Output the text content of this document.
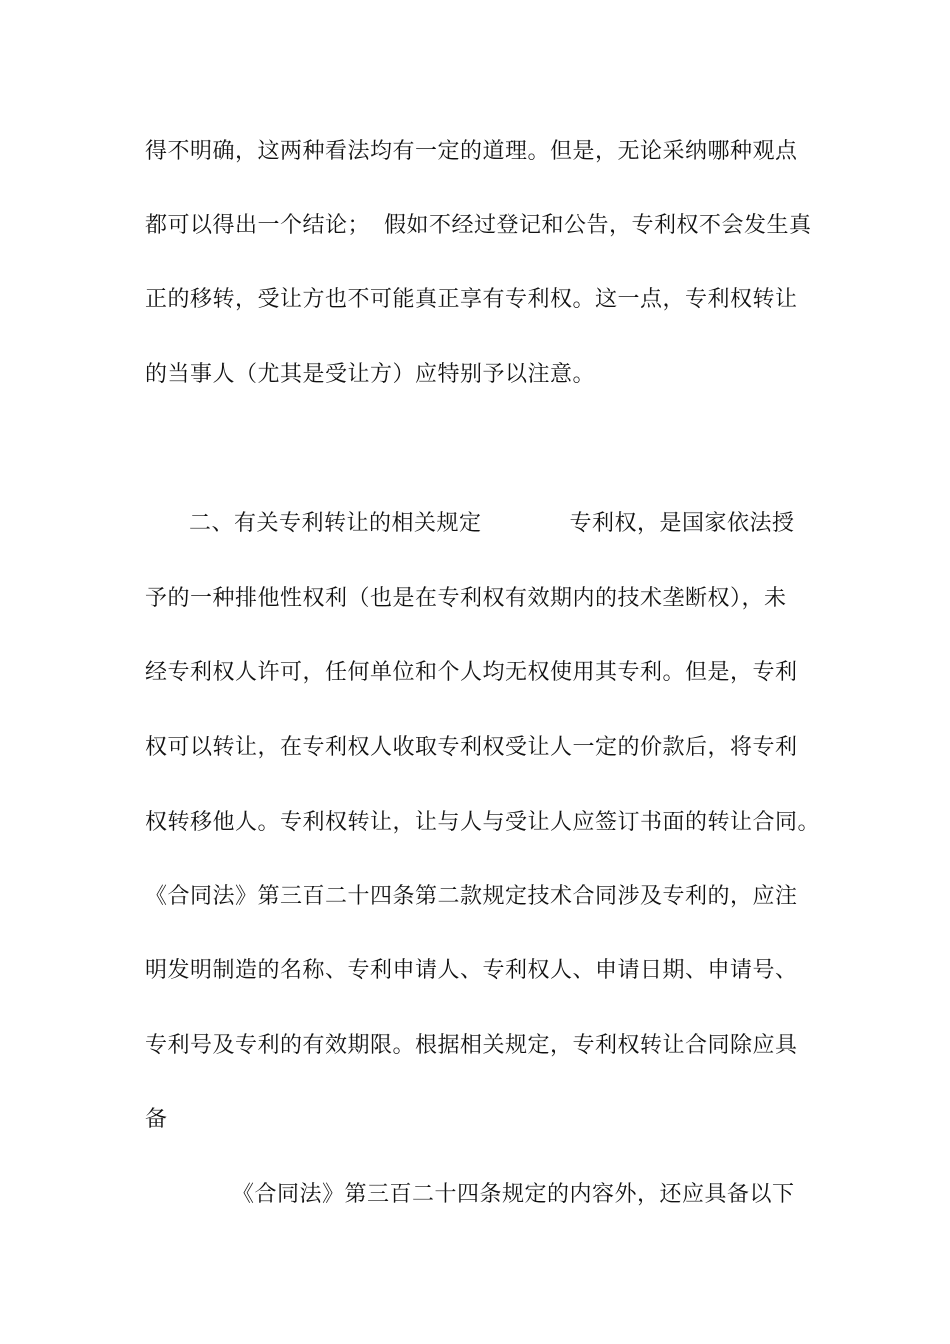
得不明确，这两种看法均有一定的道理。但是，无论采纳哪种观点
都可以得出一个结论； 假如不经过登记和公告，专利权不会发生真
正的移转，受让方也不可能真正享有专利权。这一点，专利权转让
的当事人（尤其是受让方）应特别予以注意。
二、有关专利转让的相关规定	专利权，是国家依法授
予的一种排他性权利（也是在专利权有效期内的技术垄断权），未
经专利权人许可，任何单位和个人均无权使用其专利。但是，专利
权可以转让，在专利权人收取专利权受让人一定的价款后，将专利
权转移他人。专利权转让，让与人与受让人应签订书面的转让合同。
《合同法》第三百二十四条第二款规定技术合同涉及专利的，应注
明发明制造的名称、专利申请人、专利权人、申请日期、申请号、
专利号及专利的有效期限。根据相关规定，专利权转让合同除应具
备
《合同法》第三百二十四条规定的内容外，还应具备以下
